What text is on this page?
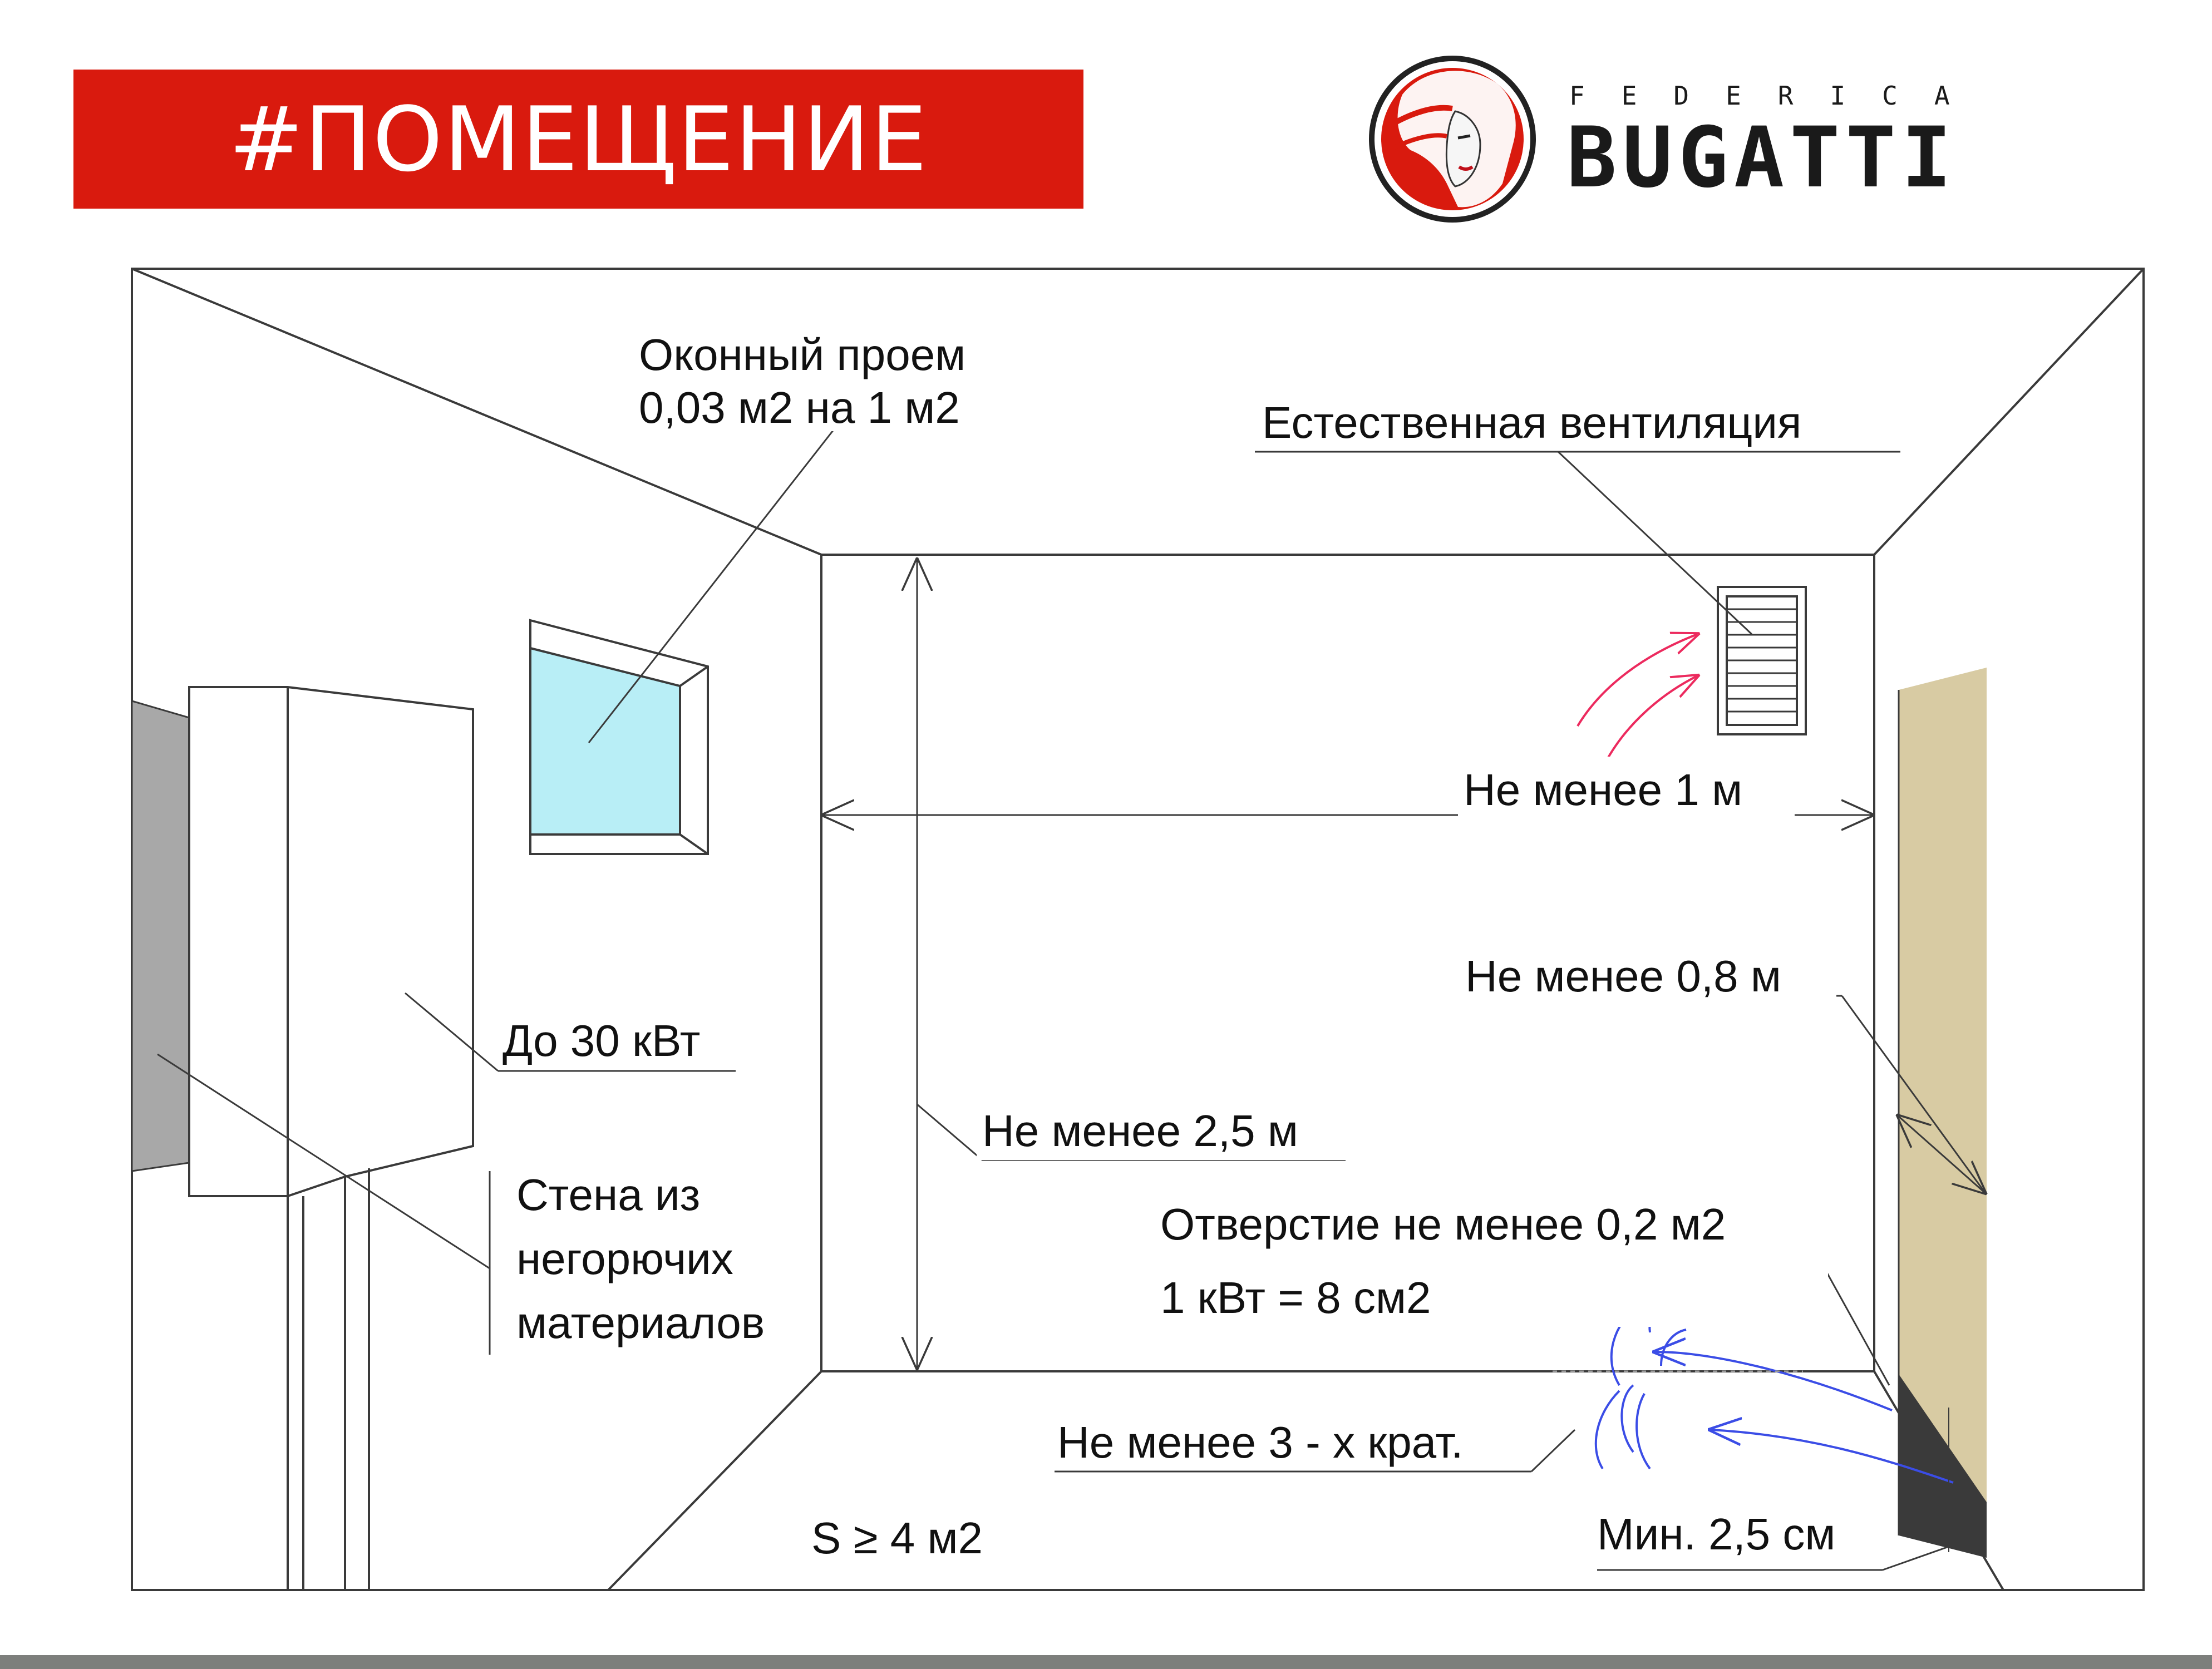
#ПОМЕЩЕНИЕ	FEDERICA
BUGATTI
Оконный проем
0,03 м2 на 1 м2	Естественная вентиляция
Не менее 1 м
Не менее 0,8 м
До 30 кВт
Не менее 2,5 м
Стена из
негорючих
материалов
Отверстие не менее 0,2 м2
1 кВт = 8 см2
Не менее 3 - х крат.
S ≥ 4 м2	Мин. 2,5 см
